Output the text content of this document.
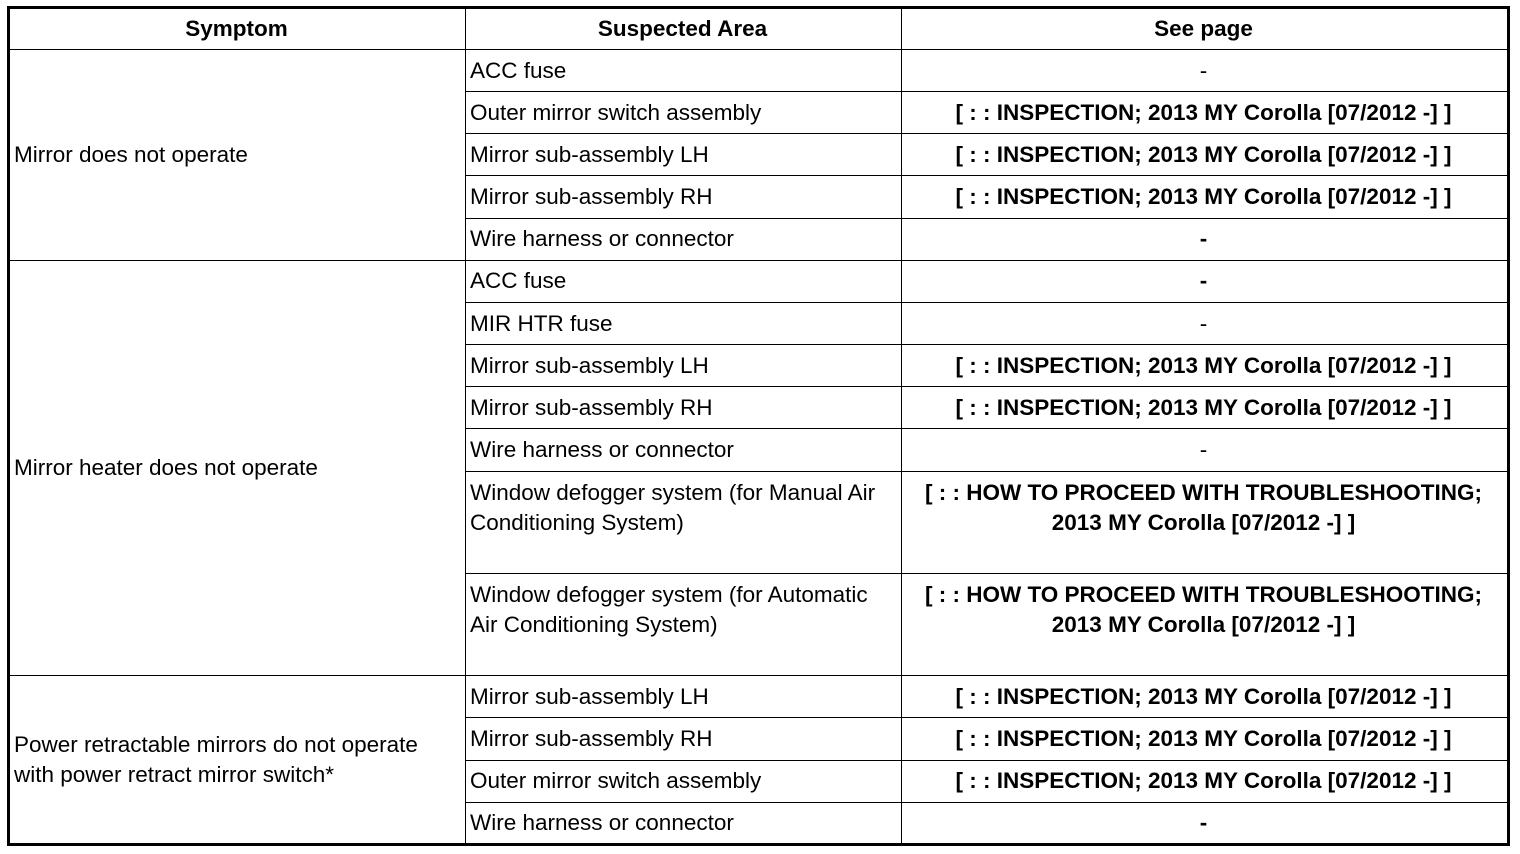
Symptom	Suspected Area	See page
Mirror does not operate	ACC fuse	-
	Outer mirror switch assembly	[ : : INSPECTION; 2013 MY Corolla [07/2012 -] ]
	Mirror sub-assembly LH	[ : : INSPECTION; 2013 MY Corolla [07/2012 -] ]
	Mirror sub-assembly RH	[ : : INSPECTION; 2013 MY Corolla [07/2012 -] ]
	Wire harness or connector	-
Mirror heater does not operate	ACC fuse	-
	MIR HTR fuse	-
	Mirror sub-assembly LH	[ : : INSPECTION; 2013 MY Corolla [07/2012 -] ]
	Mirror sub-assembly RH	[ : : INSPECTION; 2013 MY Corolla [07/2012 -] ]
	Wire harness or connector	-
	Window defogger system (for Manual Air Conditioning System)	[ : : HOW TO PROCEED WITH TROUBLESHOOTING; 2013 MY Corolla [07/2012 -] ]
	Window defogger system (for Automatic Air Conditioning System)	[ : : HOW TO PROCEED WITH TROUBLESHOOTING; 2013 MY Corolla [07/2012 -] ]
Power retractable mirrors do not operate with power retract mirror switch*	Mirror sub-assembly LH	[ : : INSPECTION; 2013 MY Corolla [07/2012 -] ]
	Mirror sub-assembly RH	[ : : INSPECTION; 2013 MY Corolla [07/2012 -] ]
	Outer mirror switch assembly	[ : : INSPECTION; 2013 MY Corolla [07/2012 -] ]
	Wire harness or connector	-
